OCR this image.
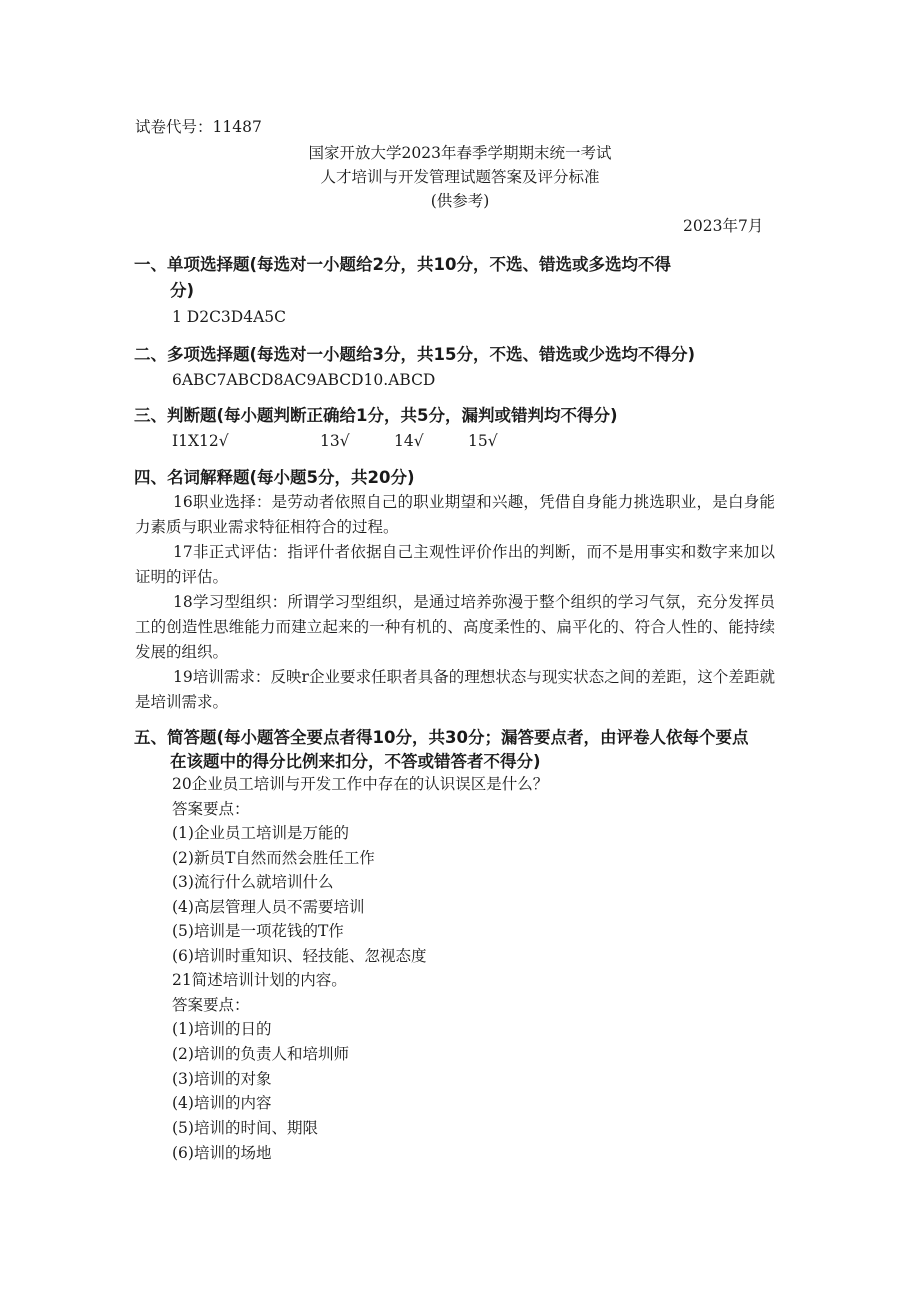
试卷代号：11487
国家开放大学2023年春季学期期末统一考试
人才培训与开发管理试题答案及评分标准
(供参考)
2023年7月
一、单项选择题(每选对一小题给2分，共10分，不选、错选或多选均不得
分)
1 D2C3D4A5C
二、多项选择题(每选对一小题给3分，共15分，不选、错选或少选均不得分)
6ABC7ABCD8AC9ABCD10.ABCD
三、判断题(每小题判断正确给1分，共5分，漏判或错判均不得分)
I1X12√	13√	14√	15√
四、名词解释题(每小题5分，共20分)
16职业选择：是劳动者依照自己的职业期望和兴趣，凭借自身能力挑选职业，是白身能力素质与职业需求特征相符合的过程。
17非正式评估：指评什者依据自己主观性评价作出的判断，而不是用事实和数字来加以证明的评估。
18学习型组织：所谓学习型组织，是通过培养弥漫于整个组织的学习气氛，充分发挥员工的创造性思维能力而建立起来的一种有机的、高度柔性的、扁平化的、符合人性的、能持续发展的组织。
19培训需求：反映r企业要求任职者具备的理想状态与现实状态之间的差距，这个差距就是培训需求。
五、简答题(每小题答全要点者得10分，共30分；漏答要点者，由评卷人依每个要点
在该题中的得分比例来扣分，不答或错答者不得分)
20企业员工培训与开发工作中存在的认识误区是什么？
答案要点：
(1)企业员工培训是万能的
(2)新员T自然而然会胜任工作
(3)流行什么就培训什么
(4)高层管理人员不需要培训
(5)培训是一项花钱的T作
(6)培训时重知识、轻技能、忽视态度
21简述培训计划的内容。
答案要点：
(1)培训的日的
(2)培训的负责人和培圳师
(3)培训的对象
(4)培训的内容
(5)培训的时间、期限
(6)培训的场地
